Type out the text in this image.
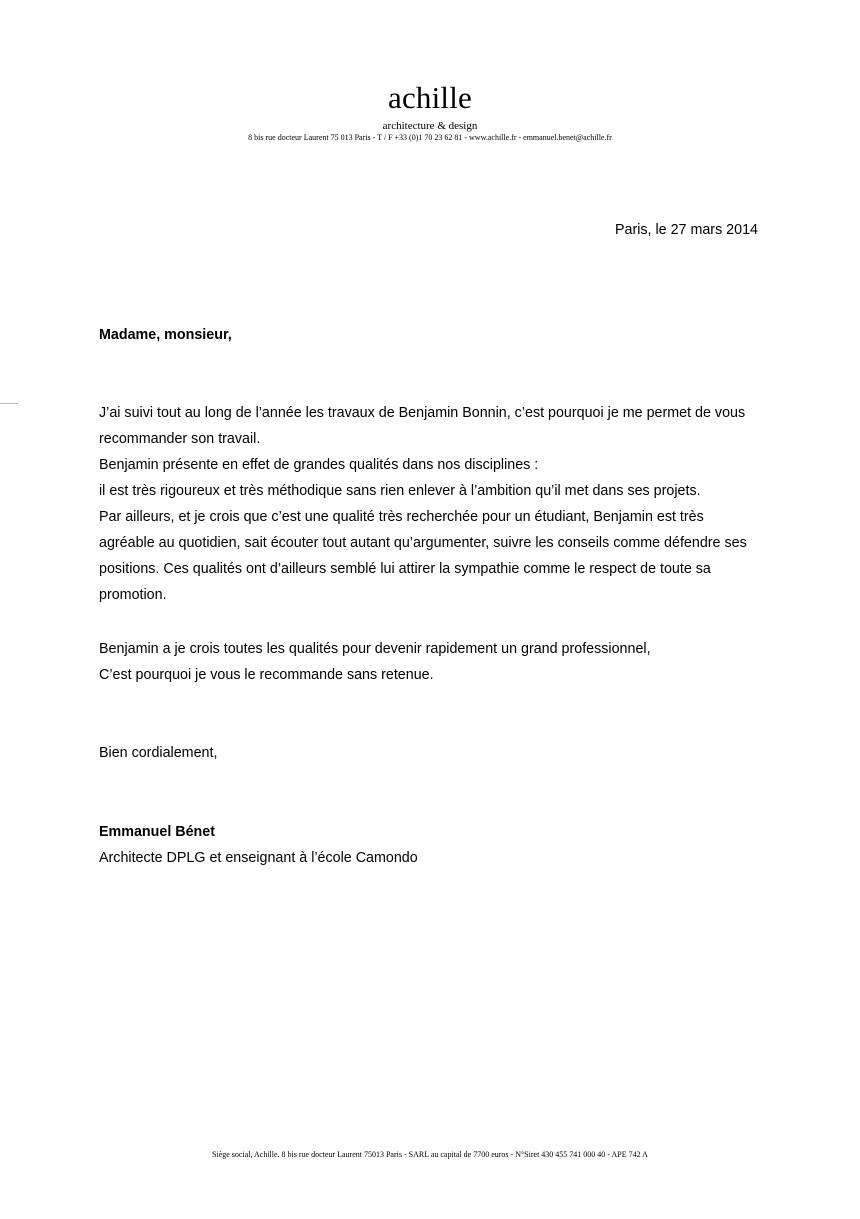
achille
architecture & design
8 bis rue docteur Laurent 75 013 Paris - T / F +33 (0)1 70 23 62 81 - www.achille.fr - emmanuel.benet@achille.fr
Paris, le 27 mars 2014
Madame, monsieur,
J’ai suivi tout au long de l’année les travaux de Benjamin Bonnin, c’est pourquoi je me permet de vous
recommander son travail.
Benjamin présente en effet de grandes qualités dans nos disciplines :
il est très rigoureux et très méthodique sans rien enlever à l’ambition qu’il met dans ses projets.
Par ailleurs, et je crois que c’est une qualité très recherchée pour un étudiant, Benjamin est très
agréable au quotidien, sait écouter tout autant qu’argumenter, suivre les conseils comme défendre ses
positions. Ces qualités ont d’ailleurs semblé lui attirer la sympathie comme le respect de toute sa
promotion.
Benjamin a je crois toutes les qualités pour devenir rapidement un grand professionnel,
C’est pourquoi je vous le recommande sans retenue.
Bien cordialement,
Emmanuel Bénet
Architecte DPLG et enseignant à l’école Camondo
Siège social, Achille. 8 bis rue docteur Laurent 75013 Paris - SARL au capital de 7700 euros - N°Siret 430 455 741 000 40 - APE 742 A
